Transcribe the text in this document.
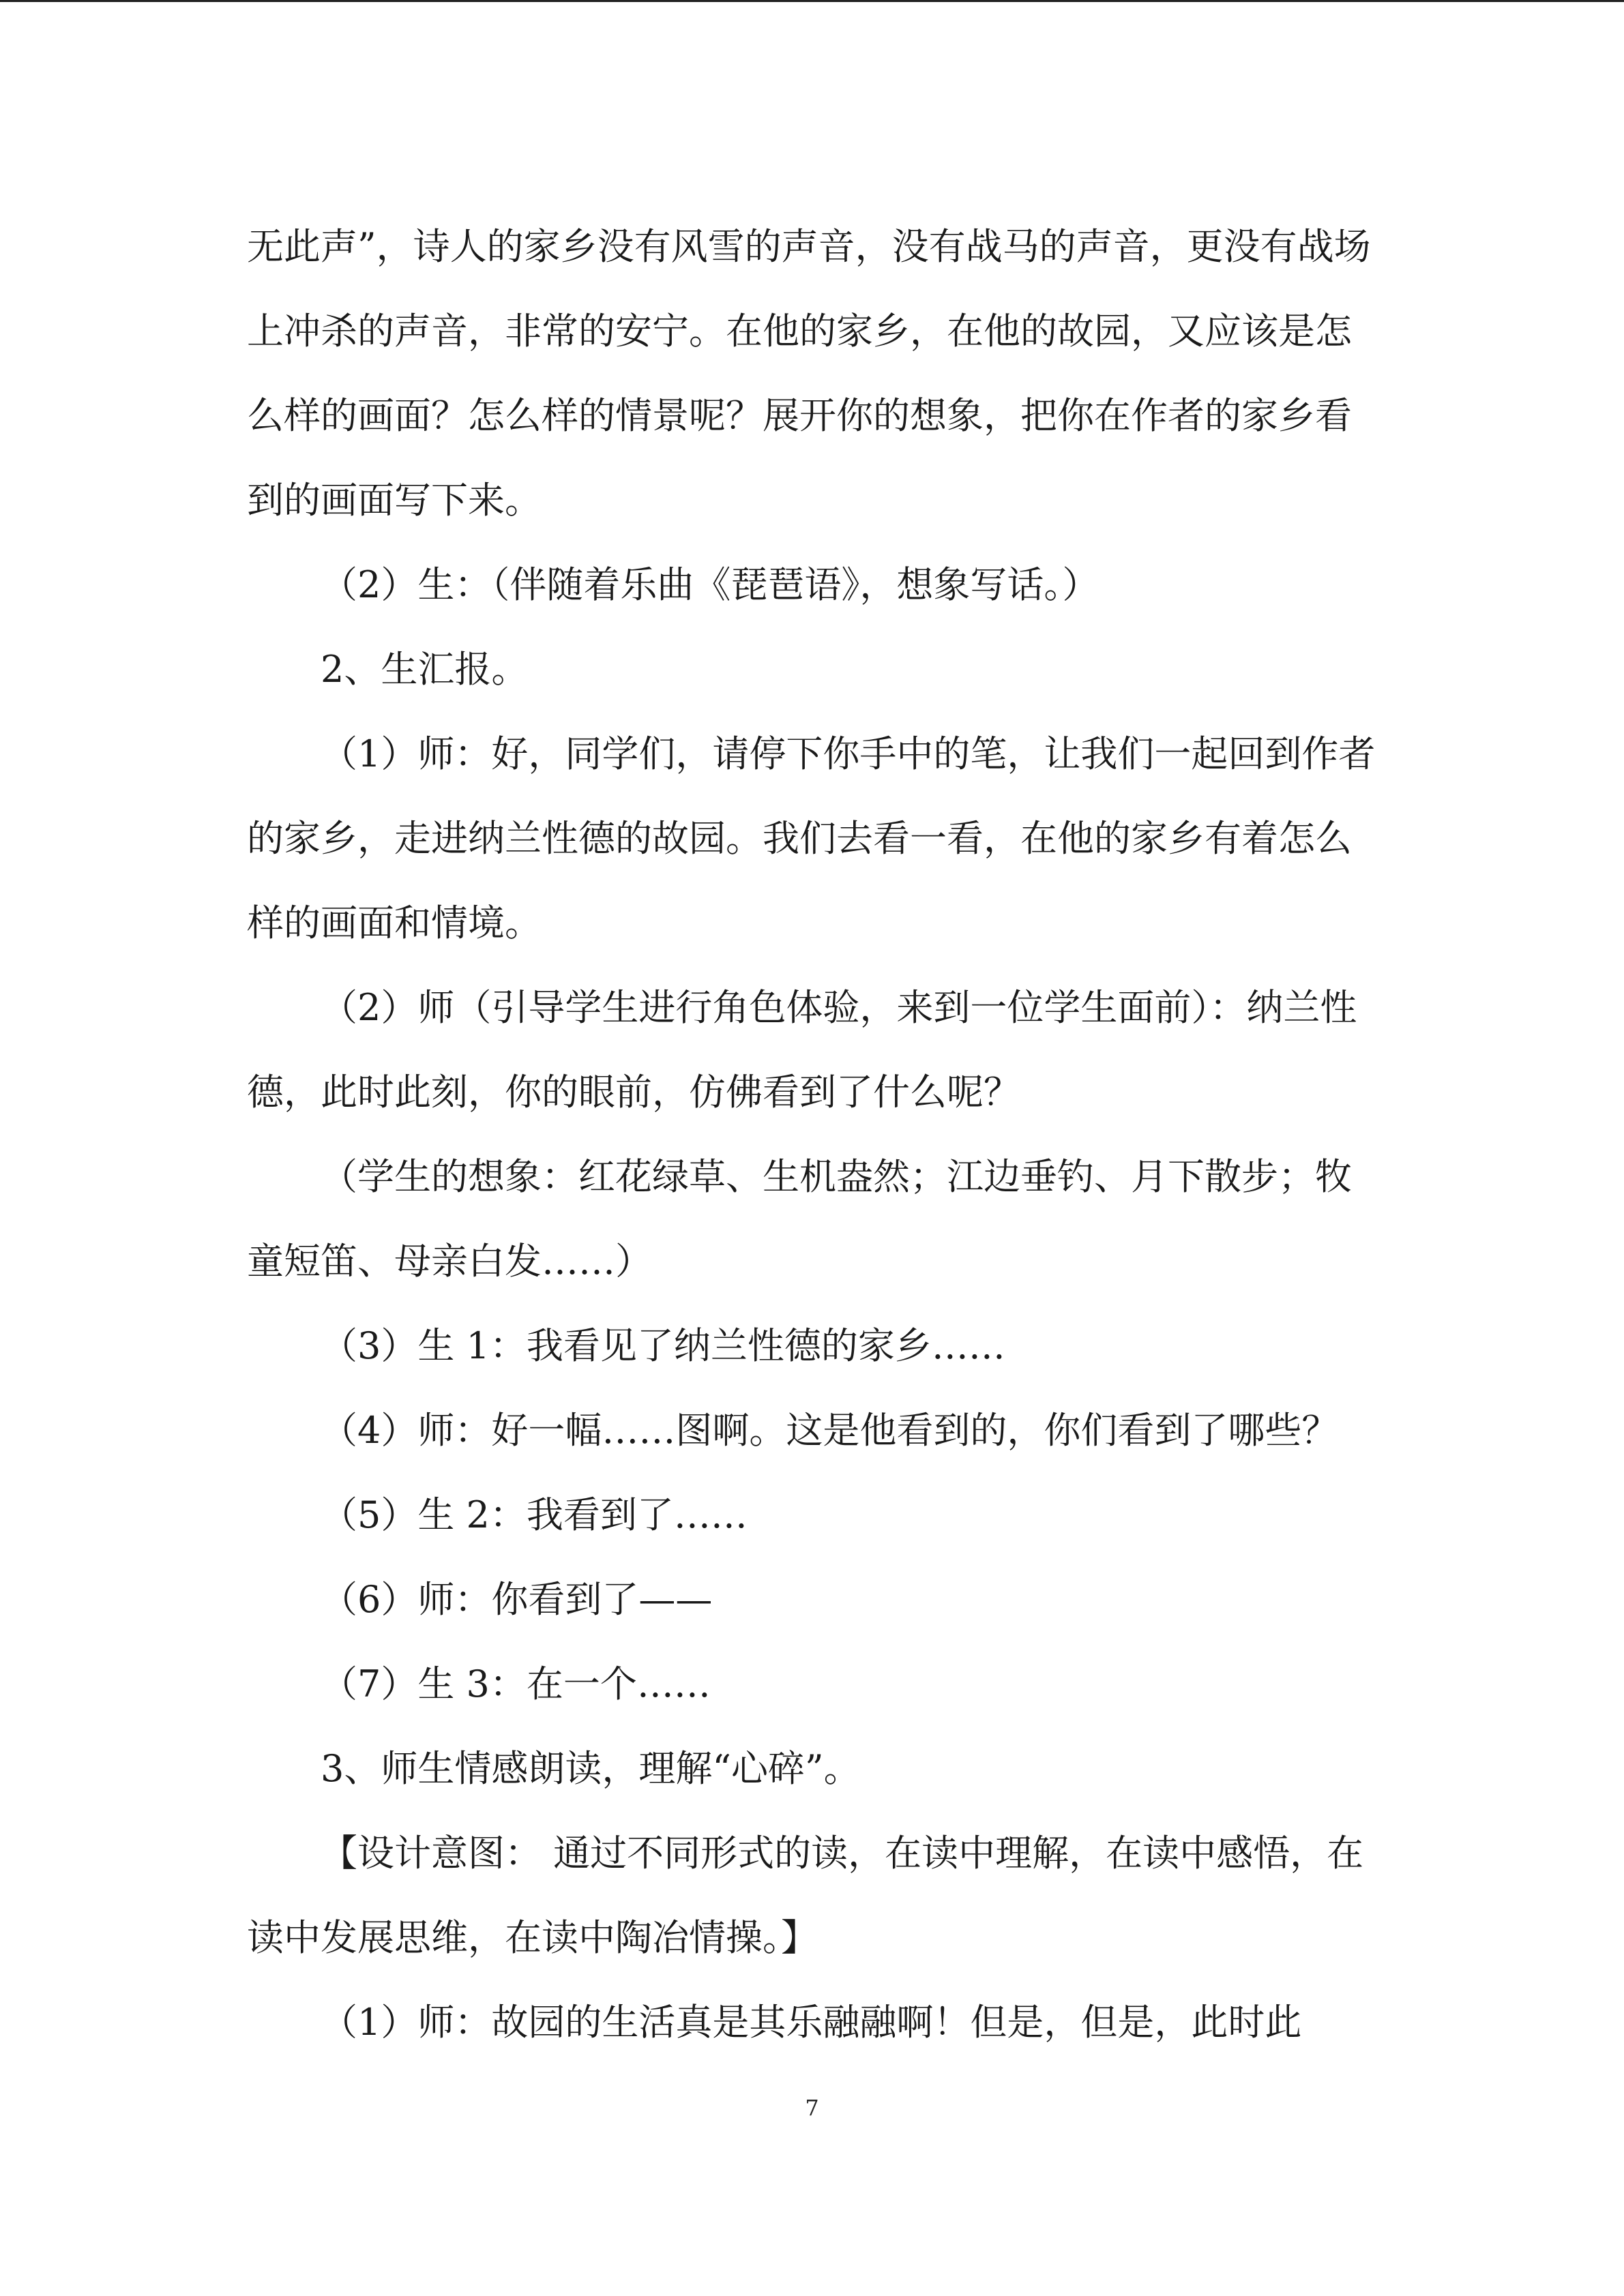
无此声”，诗人的家乡没有风雪的声音，没有战马的声音，更没有战场上冲杀的声音，非常的安宁。在他的家乡，在他的故园，又应该是怎么样的画面？怎么样的情景呢？展开你的想象，把你在作者的家乡看到的画面写下来。

（2）生：（伴随着乐曲《琵琶语》，想象写话。）

2、生汇报。

（1）师：好，同学们，请停下你手中的笔，让我们一起回到作者的家乡，走进纳兰性德的故园。我们去看一看，在他的家乡有着怎么样的画面和情境。

（2）师（引导学生进行角色体验，来到一位学生面前）：纳兰性德，此时此刻，你的眼前，仿佛看到了什么呢？

（学生的想象：红花绿草、生机盎然；江边垂钓、月下散步；牧童短笛、母亲白发……）

（3）生 1：我看见了纳兰性德的家乡……

（4）师：好一幅……图啊。这是他看到的，你们看到了哪些？

（5）生 2：我看到了……

（6）师：你看到了——

（7）生 3：在一个……

3、师生情感朗读，理解“心碎”。

【设计意图： 通过不同形式的读，在读中理解，在读中感悟，在读中发展思维，在读中陶冶情操。】

（1）师：故园的生活真是其乐融融啊！但是，但是，此时此

7
